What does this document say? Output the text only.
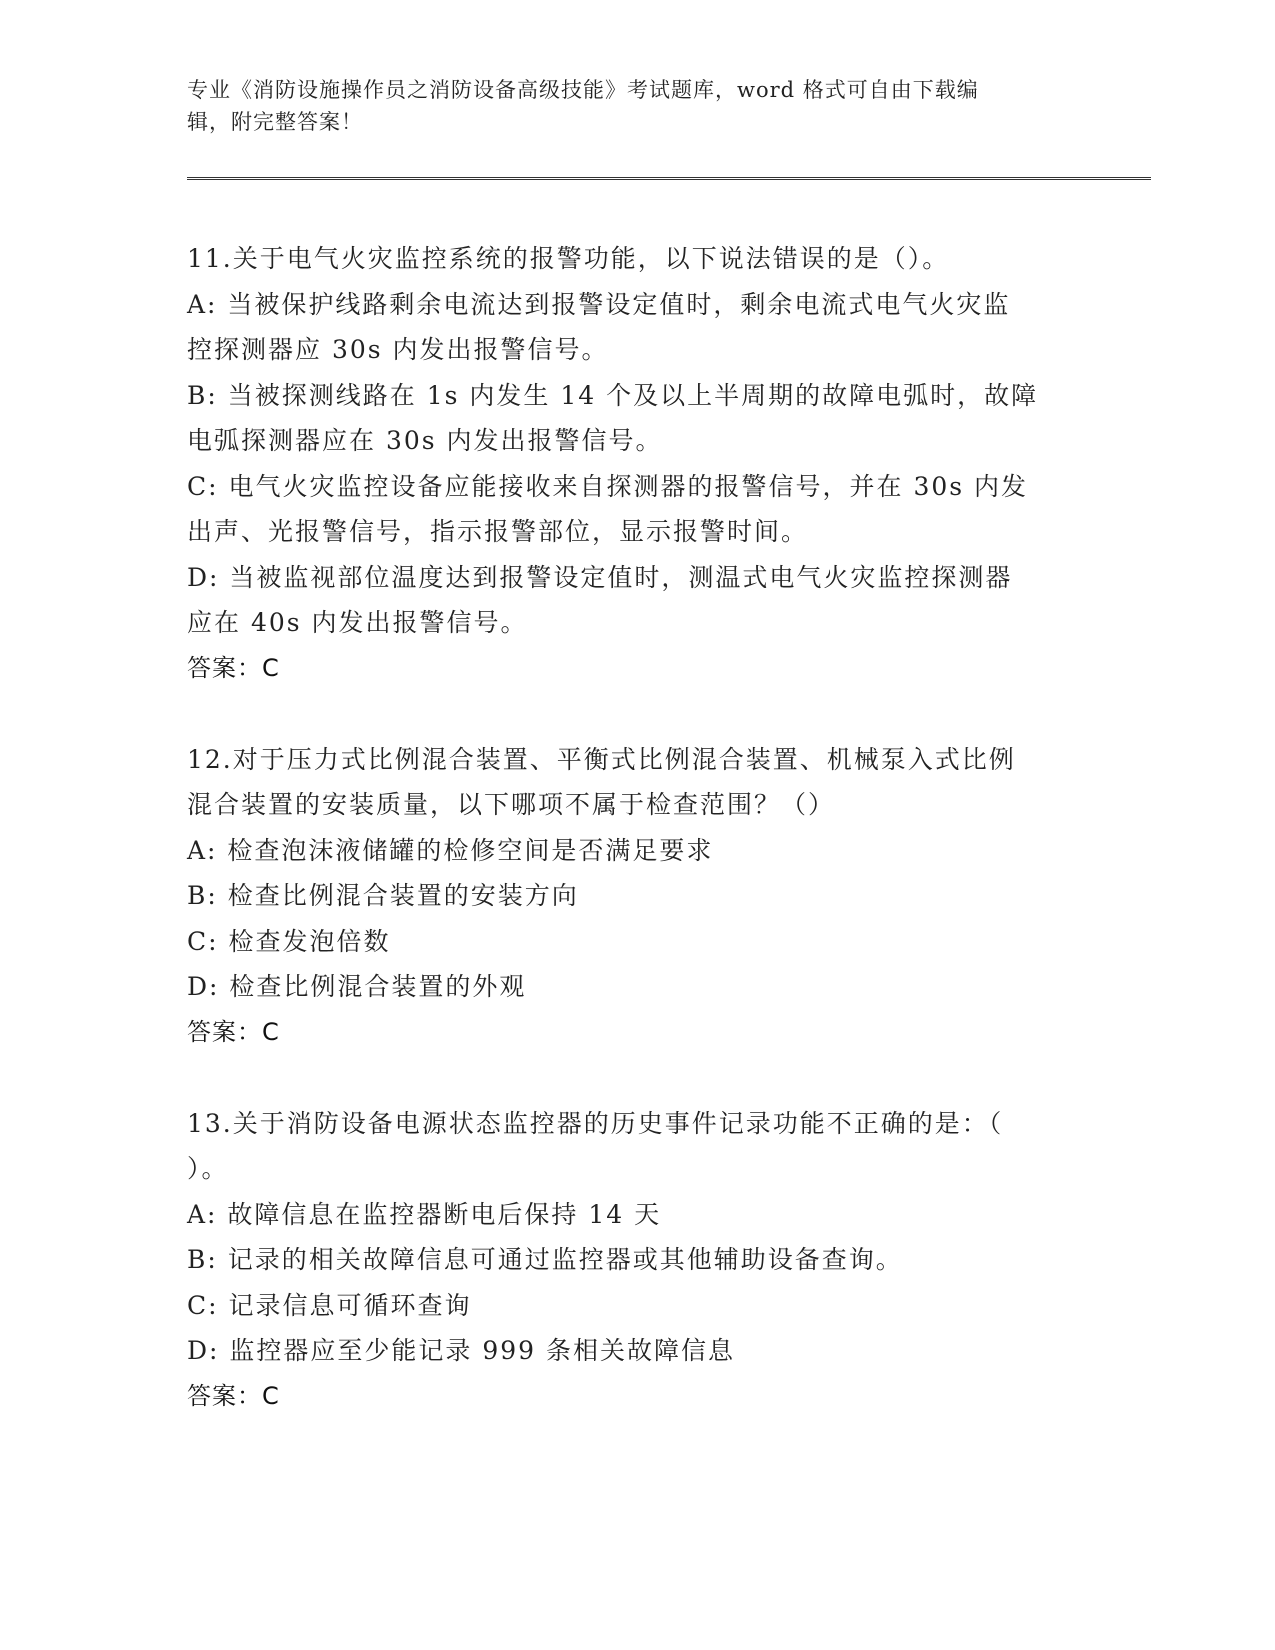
专业《消防设施操作员之消防设备高级技能》考试题库，word 格式可自由下载编
辑，附完整答案！

11.关于电气火灾监控系统的报警功能，以下说法错误的是（）。

A: 当被保护线路剩余电流达到报警设定值时，剩余电流式电气火灾监

控探测器应 30s 内发出报警信号。

B: 当被探测线路在 1s 内发生 14 个及以上半周期的故障电弧时，故障

电弧探测器应在 30s 内发出报警信号。

C: 电气火灾监控设备应能接收来自探测器的报警信号，并在 30s 内发

出声、光报警信号，指示报警部位，显示报警时间。

D: 当被监视部位温度达到报警设定值时，测温式电气火灾监控探测器

应在 40s 内发出报警信号。

答案：C

12.对于压力式比例混合装置、平衡式比例混合装置、机械泵入式比例

混合装置的安装质量，以下哪项不属于检查范围？（）

A: 检查泡沫液储罐的检修空间是否满足要求

B: 检查比例混合装置的安装方向

C: 检查发泡倍数

D: 检查比例混合装置的外观

答案：C

13.关于消防设备电源状态监控器的历史事件记录功能不正确的是：（

）。

A: 故障信息在监控器断电后保持 14 天

B: 记录的相关故障信息可通过监控器或其他辅助设备查询。

C: 记录信息可循环查询

D: 监控器应至少能记录 999 条相关故障信息

答案：C
